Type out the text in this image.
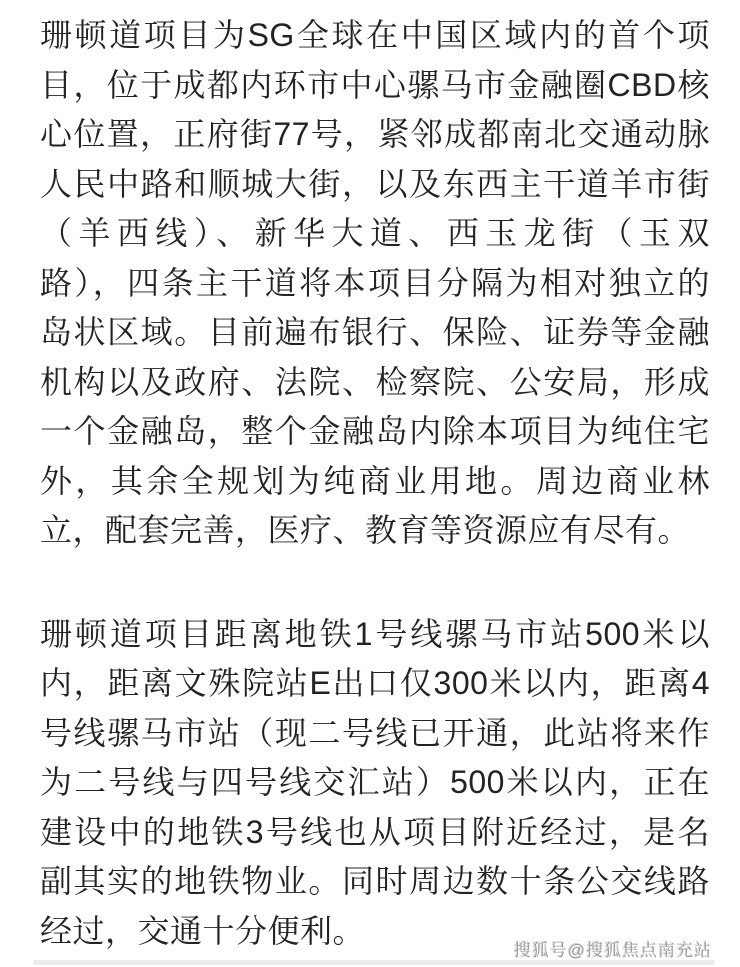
珊顿道项目为SG全球在中国区域内的首个项
目，位于成都内环市中心骡马市金融圈CBD核
心位置，正府街77号，紧邻成都南北交通动脉
人民中路和顺城大街，以及东西主干道羊市街
（羊西线）、新华大道、西玉龙街（玉双
路），四条主干道将本项目分隔为相对独立的
岛状区域。目前遍布银行、保险、证券等金融
机构以及政府、法院、检察院、公安局，形成
一个金融岛，整个金融岛内除本项目为纯住宅
外，其余全规划为纯商业用地。周边商业林
立，配套完善，医疗、教育等资源应有尽有。
珊顿道项目距离地铁1号线骡马市站500米以
内，距离文殊院站E出口仅300米以内，距离4
号线骡马市站（现二号线已开通，此站将来作
为二号线与四号线交汇站）500米以内，正在
建设中的地铁3号线也从项目附近经过，是名
副其实的地铁物业。同时周边数十条公交线路
经过，交通十分便利。
搜狐号@搜狐焦点南充站
